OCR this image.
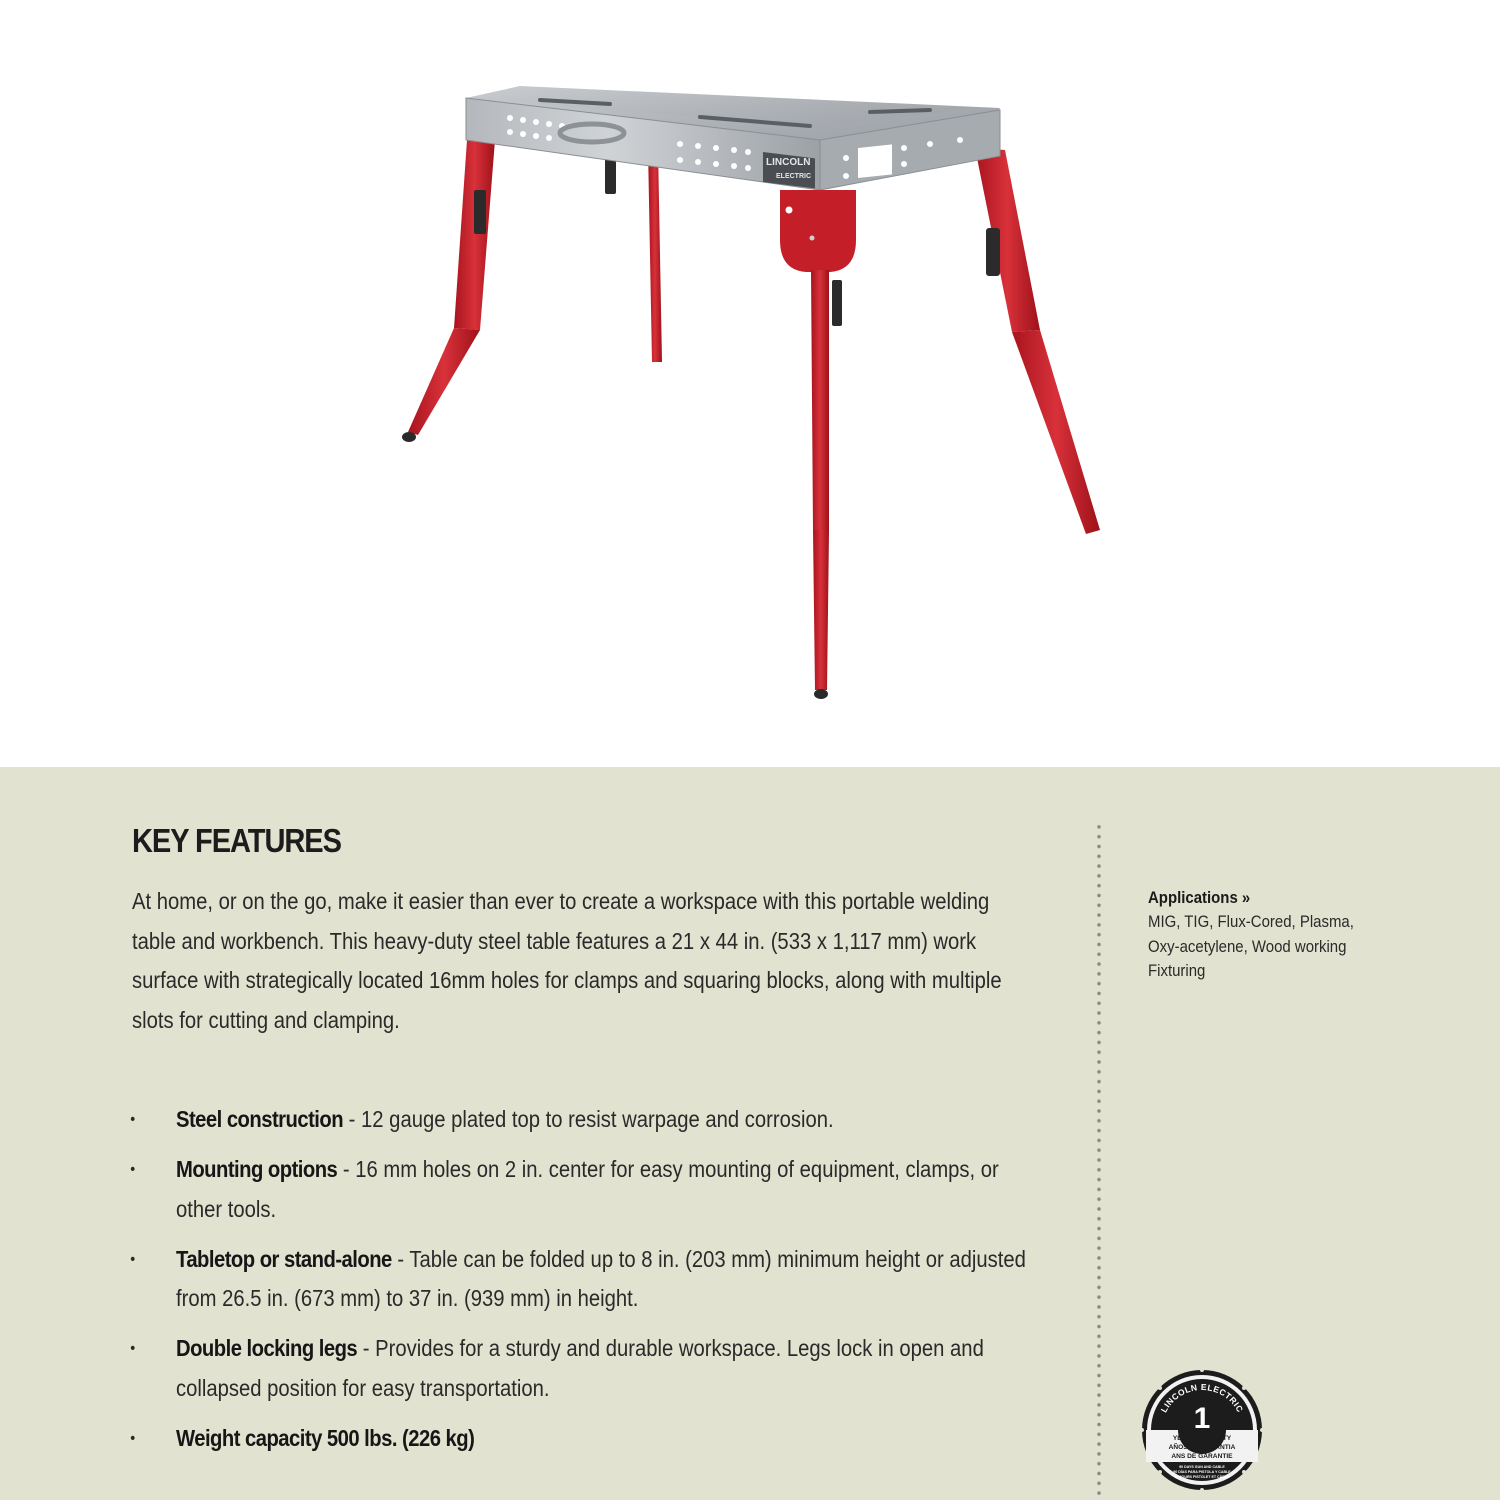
LINCOLN
ELECTRIC
KEY FEATURES

At home, or on the go, make it easier than ever to create a workspace with this portable welding table and workbench. This heavy-duty steel table features a 21 x 44 in. (533 x 1,117 mm) work surface with strategically located 16mm holes for clamps and squaring blocks, along with multiple slots for cutting and clamping.

• Steel construction - 12 gauge plated top to resist warpage and corrosion.
• Mounting options - 16 mm holes on 2 in. center for easy mounting of equipment, clamps, or other tools.
• Tabletop or stand-alone - Table can be folded up to 8 in. (203 mm) minimum height or adjusted from 26.5 in. (673 mm) to 37 in. (939 mm) in height.
• Double locking legs - Provides for a sturdy and durable workspace. Legs lock in open and collapsed position for easy transportation.
• Weight capacity 500 lbs. (226 kg)
Applications »
MIG, TIG, Flux-Cored, Plasma,
Oxy-acetylene, Wood working
Fixturing
LINCOLN ELECTRIC
1
YEAR WARRANTY
AÑOS DE GARANTIA
ANS DE GARANTIE
90 DAYS GUN AND CABLE
90 DÍAS PARA PISTOLA Y CABLE
90 JOURS PISTOLET ET CÂBLE
